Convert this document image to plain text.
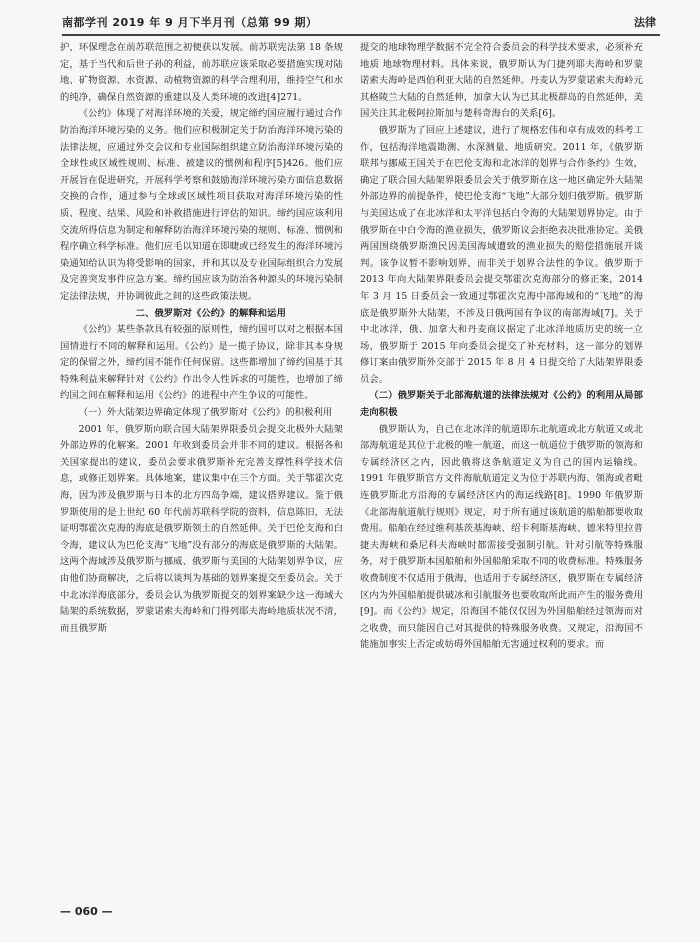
南都学刊 2019 年 9 月下半月刊（总第 99 期）	法律

护，环保理念在前苏联范围之初便获以发展。前苏联宪法第 18 条规定，基于当代和后世子孙的利益，前苏联应该采取必要措施实现对陆地、矿物资源、水资源、动植物资源的科学合理利用，维持空气和水的纯净，确保自然资源的重建以及人类环境的改进[4]271。

《公约》体现了对海洋环境的关爱，规定缔约国应履行通过合作防治海洋环境污染的义务。他们应积极制定关于防治海洋环境污染的法律法规，应通过外交会议和专业国际组织建立防治海洋环境污染的全球性或区域性规则、标准、被建议的惯例和程序[5]426。他们应开展旨在促进研究，开展科学考察和鼓励海洋环境污染方面信息数据交换的合作，通过参与全球或区域性项目获取对海洋环境污染的性质、程度、结果、风险和补救措施进行评估的知识。缔约国应该利用交流所得信息为制定和解释防治海洋环境污染的规则、标准、惯例和程序确立科学标准。他们应毛以知道在即睫或已经发生的海洋环境污染通知给认识为将受影响的国家，并和其以及专业国际组织合力发展及完善突发事件应急方案。缔约国应该为防治各种源头的环境污染制定法律法规，并协调彼此之间的这些政策法规。

二、俄罗斯对《公约》的解释和运用

《公约》某些条款具有较强的原则性，缔约国可以对之根据本国国情进行不同的解释和运用。《公约》是一揽子协议，除非其本身规定的保留之外，缔约国不能作任何保留。这些都增加了缔约国基于其特殊利益来解释针对《公约》作出令人性诉求的可能性，也增加了缔约国之间在解释和运用《公约》的进程中产生争议的可能性。

（一）外大陆架边界确定体现了俄罗斯对《公约》的积极利用

2001 年，俄罗斯向联合国大陆架界限委员会提交北极外大陆架外部边界的化解案。2001 年收到委员会并非不同的建议。根据各和关国家提出的建议，委员会要求俄罗斯补充完善支撑性科学技术信息，或修正划界案。具体地案，建议集中在三个方面。关于鄂霍次克海，因为涉及俄罗斯与日本的北方四岛争端，建议搭界建议。鉴于俄罗斯使用的是上世纪 60 年代前苏联科学院的资料，信息陈旧，无法证明鄂霍次克海的海底是俄罗斯领土的自然延伸。关于巴伦支海和白令海，建议认为巴伦支海“飞地”没有部分的海底是俄罗斯的大陆架。这两个海域涉及俄罗斯与挪威、俄罗斯与美国的大陆架划界争议，应由他们协商解决，之后将以谈判为基础的划界案提交至委员会。关于中北冰洋海底部分，委员会认为俄罗斯提交的划界案缺少这一海域大陆架的系统数据，罗蒙诺索夫海岭和门得列耶夫海岭地质状况不清，而且俄罗斯

提交的地球物理学数据不完全符合委员会的科学技术要求，必须补充地质 地球物理材料。具体来说，俄罗斯认为门捷列耶夫海岭和罗蒙诺索夫海岭是西伯利亚大陆的自然延伸。丹麦认为罗蒙诺索夫海岭元其格陵兰大陆的自然延伸，加拿大认为已其北极群岛的自然延伸，美国关注其北极阿拉斯加与楚科奇海台的关系[6]。

俄罗斯为了回应上述建议，进行了规格宏伟和卓有成效的科考工作，包括海洋地震勘测、水深测量、地质研究。2011 年，《俄罗斯联邦与挪威王国关于在巴伦支海和北冰洋的划界与合作条约》生效，确定了联合国大陆架界限委员会关于俄罗斯在这一地区确定外大陆架外部边界的前提条件，使巴伦支海“飞地”大部分划归俄罗斯。俄罗斯与美国达成了在北冰洋和太平洋包括白令海的大陆架划界协定。由于俄罗斯在中白令海的渔业损失，俄罗斯议会拒绝表决批准协定。美俄两国围绕俄罗斯渔民因美国海域遭致的渔业损失的赔偿措施展开谈判。该争议暂不影响划界，而非关于划界合法性的争议。俄罗斯于 2013 年向大陆架界限委员会提交鄂霍次克海部分的修正案，2014 年 3 月 15 日委员会一致通过鄂霍次克海中部海域和的“飞地”的海底是俄罗斯外大陆架，不涉及日俄两国有争议的南部海域[7]。关于中北冰洋，俄、加拿大和丹麦商议据定了北冰洋地质历史的统一立场，俄罗斯于 2015 年向委员会提交了补充材料，这一部分的划界修订案由俄罗斯外交部于 2015 年 8 月 4 日提交给了大陆架界限委员会。

（二）俄罗斯关于北部海航道的法律法规对《公约》的利用从局部走向积极

俄罗斯认为，自己在北冰洋的航道即东北航道或北方航道又或北部海航道是其位于北极的唯一航道，而这一航道位于俄罗斯的领海和专属经济区之内，因此俄将这条航道定义为自己的国内运输线。1991 年俄罗斯官方文件海航航道定义为位于苏联内海、领海或者毗连俄罗斯北方沿海的专属经济区内的海运线路[8]。1990 年俄罗斯《北部海航道航行规则》规定，对于所有通过该航道的船舶都要收取费用。船舶在经过维利基茨基海峡、绍卡利斯基海峡、德米特里拉普捷夫海峡和桑尼科夫海峡时都需接受强制引航。针对引航等特殊服务，对于俄罗斯本国船舶和外国船舶采取不同的收费标准。特殊服务收费制度不仅适用于俄海，也适用于专属经济区，俄罗斯在专属经济区内为外国船舶提供破冰和引航服务也要收取所此而产生的服务费用[9]。而《公约》规定，沿海国不能仅仅因为外国船舶经过领海而对之收费，而只能因自己对其提供的特殊服务收费。又规定，沿海国不能施加事实上否定或妨碍外国船舶无害通过权利的要求。而

— 060 —
